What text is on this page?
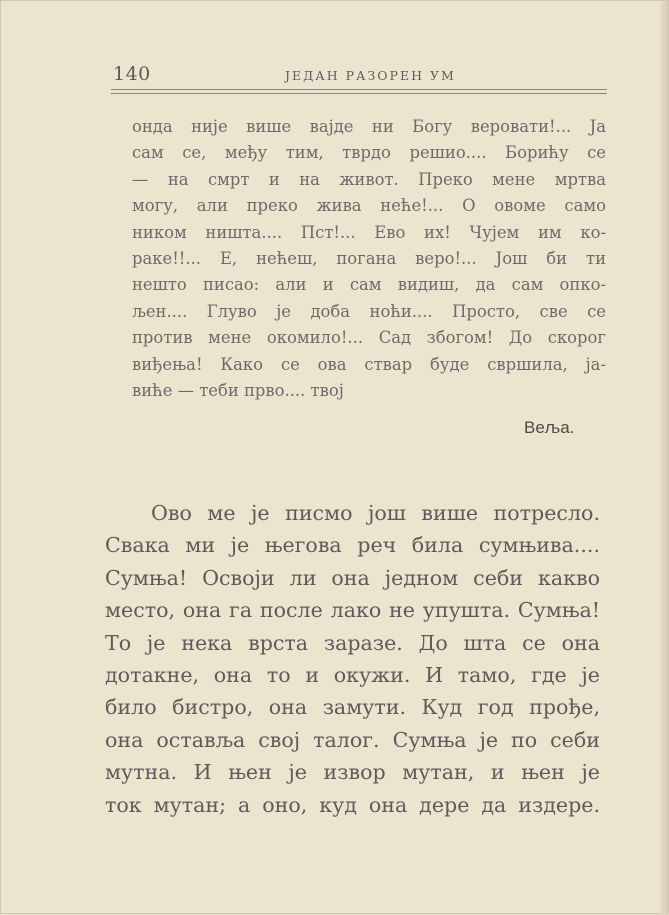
140	ЈЕДАН РАЗОРЕН УМ
онда није више вајде ни Богу веровати!... Ја
сам се, међу тим, тврдо решио.... Борићу се
— на смрт и на живот. Преко мене мртва
могу, али преко жива неће!... О овоме само
ником ништа.... Пст!... Ево их! Чујем им ко-
раке!!... Е, нећеш, погана веро!... Још би ти
нешто писао: али и сам видиш, да сам опко-
љен.... Глуво је доба ноћи.... Просто, све се
против мене окомило!... Сад збогом! До скорог
виђења! Како се ова ствар буде свршила, ја-
виће — теби прво.... твој
Веља.
Ово ме је писмо још више потресло.
Свака ми је његова реч била сумњива....
Сумња! Освоји ли она једном себи какво
место, она га после лако не упушта. Сумња!
То је нека врста заразе. До шта се она
дотакне, она то и окужи. И тамо, где је
било бистро, она замути. Куд год прође,
она оставља свој талог. Сумња је по себи
мутна. И њен је извор мутан, и њен је
ток мутан; а оно, куд она дере да издере.
